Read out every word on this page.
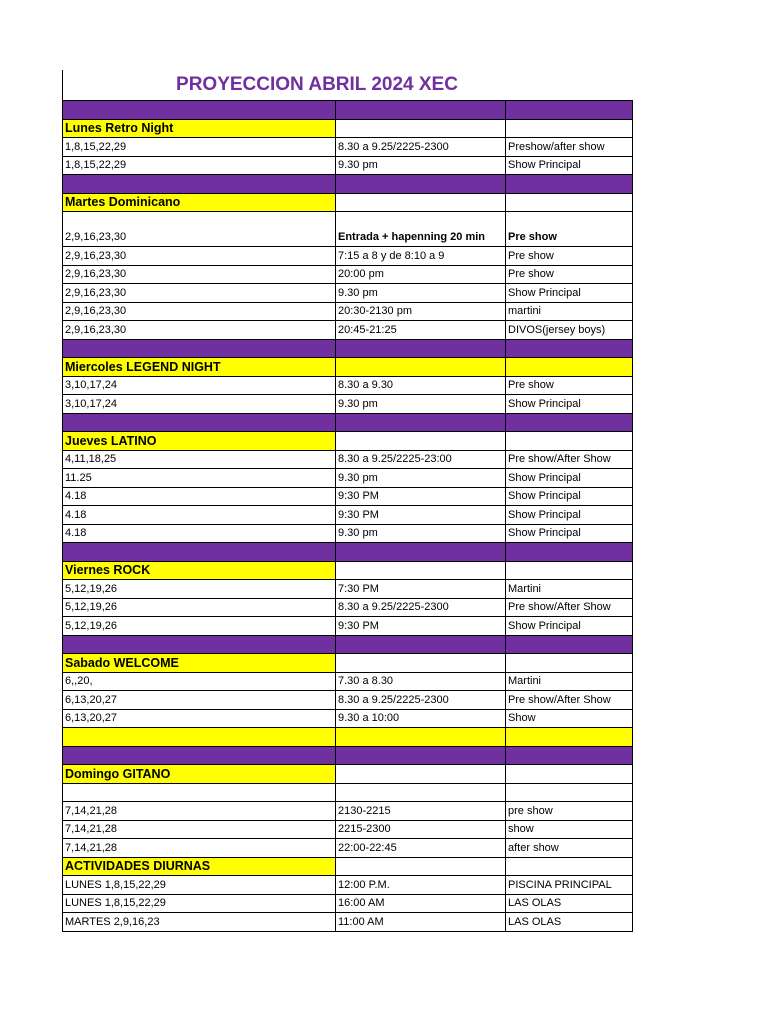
PROYECCION ABRIL 2024 XEC

Lunes Retro Night		
1,8,15,22,29	8.30 a 9.25/2225-2300	Preshow/after show
1,8,15,22,29	9.30 pm	Show Principal

Martes Dominicano		
2,9,16,23,30	Entrada + hapenning 20 min	Pre show
2,9,16,23,30	7:15 a 8 y de 8:10 a 9	Pre show
2,9,16,23,30	20:00 pm	Pre show
2,9,16,23,30	9.30 pm	Show Principal
2,9,16,23,30	20:30-2130 pm	martini
2,9,16,23,30	20:45-21:25	DIVOS(jersey boys)

Miercoles LEGEND NIGHT		
3,10,17,24	8.30 a 9.30	Pre show
3,10,17,24	9.30 pm	Show Principal

Jueves LATINO		
4,11,18,25	8.30 a 9.25/2225-23:00	Pre show/After Show
11.25	9.30 pm	Show Principal
4.18	9:30 PM	Show Principal
4.18	9:30 PM	Show Principal
4.18	9.30 pm	Show Principal

Viernes ROCK		
5,12,19,26	7:30 PM	Martini
5,12,19,26	8.30 a 9.25/2225-2300	Pre show/After Show
5,12,19,26	9:30 PM	Show Principal

Sabado WELCOME		
6,,20,	7.30 a 8.30	Martini
6,13,20,27	8.30 a 9.25/2225-2300	Pre show/After Show
6,13,20,27	9.30 a 10:00	Show

Domingo GITANO		

7,14,21,28	2130-2215	pre show
7,14,21,28	2215-2300	show
7,14,21,28	22:00-22:45	after show
ACTIVIDADES DIURNAS		
LUNES 1,8,15,22,29	12:00 P.M.	PISCINA PRINCIPAL
LUNES 1,8,15,22,29	16:00 AM	LAS OLAS
MARTES 2,9,16,23	11:00 AM	LAS OLAS
